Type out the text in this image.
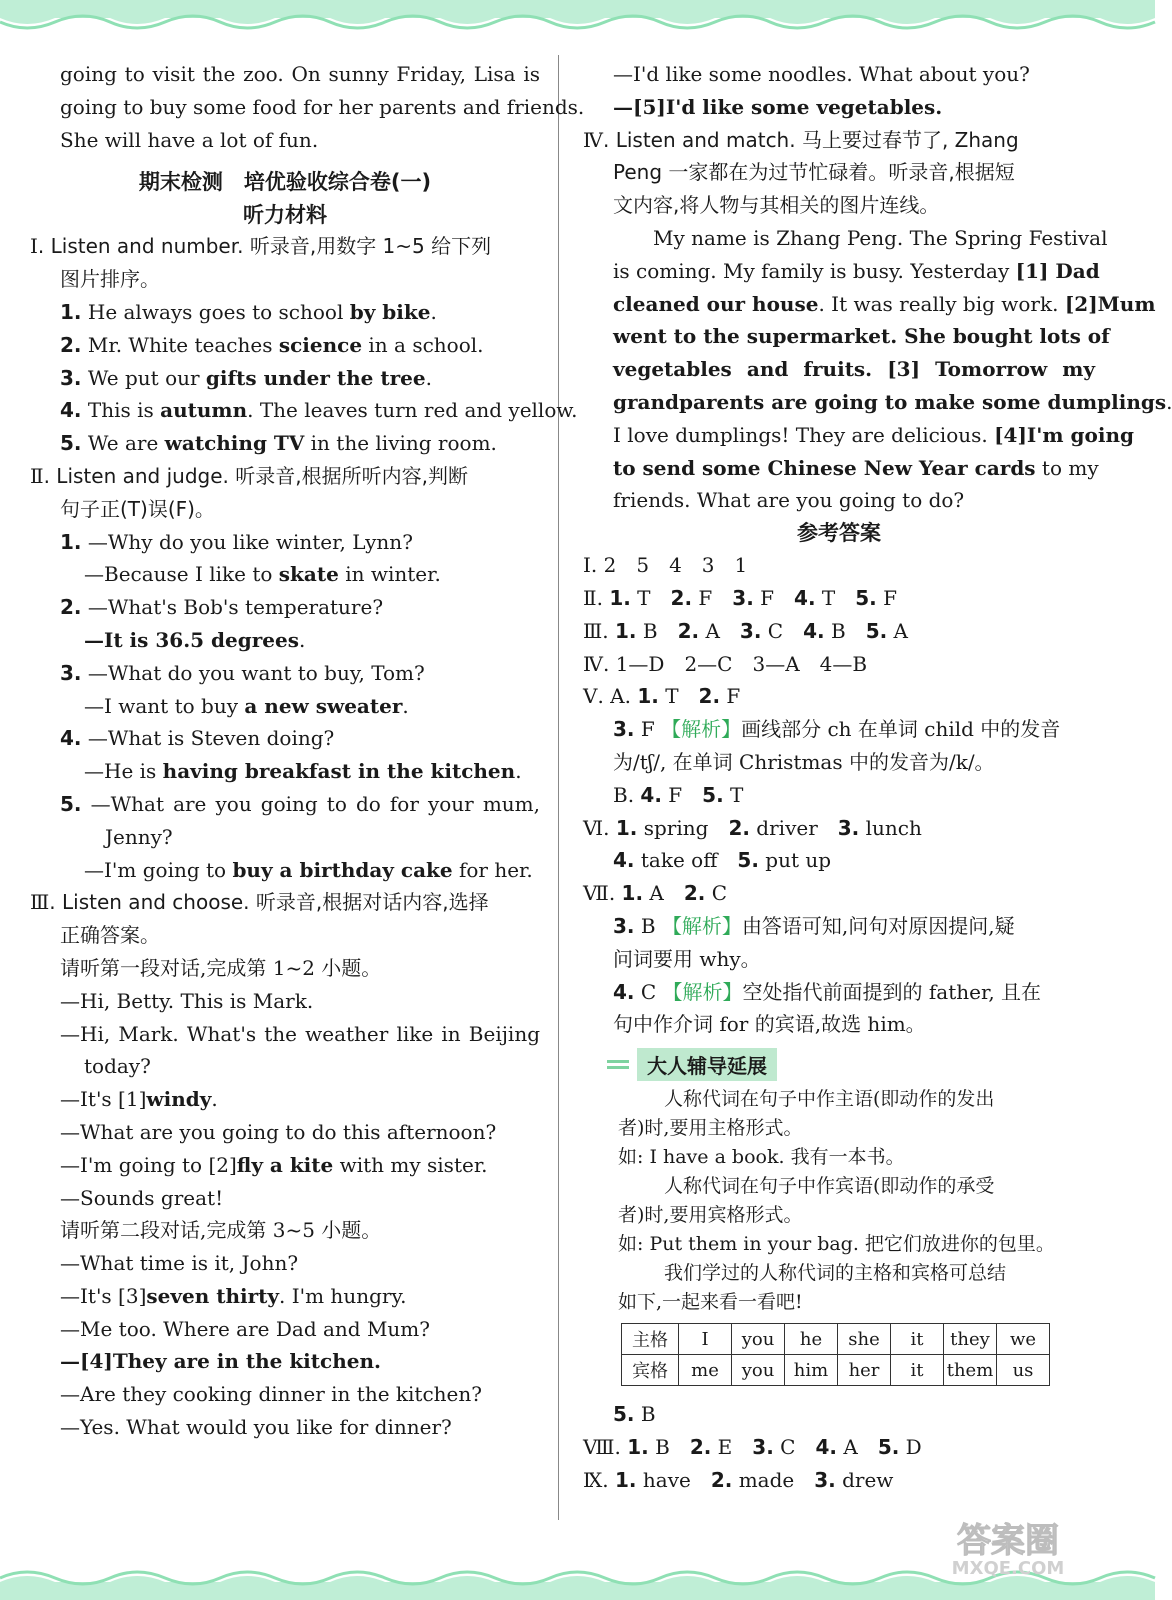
going to visit the zoo. On sunny Friday, Lisa is
going to buy some food for her parents and friends.
She will have a lot of fun.
期末检测　培优验收综合卷(一)
听力材料
Ⅰ. Listen and number. 听录音,用数字 1~5 给下列
图片排序。
1. He always goes to school by bike.
2. Mr. White teaches science in a school.
3. We put our gifts under the tree.
4. This is autumn. The leaves turn red and yellow.
5. We are watching TV in the living room.
Ⅱ. Listen and judge. 听录音,根据所听内容,判断
句子正(T)误(F)。
1. —Why do you like winter, Lynn?
—Because I like to skate in winter.
2. —What's Bob's temperature?
—It is 36.5 degrees.
3. —What do you want to buy, Tom?
—I want to buy a new sweater.
4. —What is Steven doing?
—He is having breakfast in the kitchen.
5. —What are you going to do for your mum,
Jenny?
—I'm going to buy a birthday cake for her.
Ⅲ. Listen and choose. 听录音,根据对话内容,选择
正确答案。
请听第一段对话,完成第 1~2 小题。
—Hi, Betty. This is Mark.
—Hi, Mark. What's the weather like in Beijing
today?
—It's [1]windy.
—What are you going to do this afternoon?
—I'm going to [2]fly a kite with my sister.
—Sounds great!
请听第二段对话,完成第 3~5 小题。
—What time is it, John?
—It's [3]seven thirty. I'm hungry.
—Me too. Where are Dad and Mum?
—[4]They are in the kitchen.
—Are they cooking dinner in the kitchen?
—Yes. What would you like for dinner?
—I'd like some noodles. What about you?
—[5]I'd like some vegetables.
Ⅳ. Listen and match. 马上要过春节了, Zhang
Peng 一家都在为过节忙碌着。听录音,根据短
文内容,将人物与其相关的图片连线。
My name is Zhang Peng. The Spring Festival
is coming. My family is busy. Yesterday [1] Dad
cleaned our house. It was really big work. [2]Mum
went to the supermarket. She bought lots of
vegetables and fruits. [3] Tomorrow my
grandparents are going to make some dumplings.
I love dumplings! They are delicious. [4]I'm going
to send some Chinese New Year cards to my
friends. What are you going to do?
参考答案
Ⅰ. 2　5　4　3　1
Ⅱ. 1. T　 2. F　 3. F　 4. T　 5. F
Ⅲ. 1. B　 2. A　 3. C　 4. B　 5. A
Ⅳ. 1—D　2—C　3—A　4—B
Ⅴ. A. 1. T　 2. F
3. F 【解析】画线部分 ch 在单词 child 中的发音
为/tʃ/, 在单词 Christmas 中的发音为/k/。
B. 4. F　 5. T
Ⅵ. 1. spring　 2. driver　 3. lunch
4. take off　 5. put up
Ⅶ. 1. A　 2. C
3. B 【解析】由答语可知,问句对原因提问,疑
问词要用 why。
4. C 【解析】空处指代前面提到的 father, 且在
句中作介词 for 的宾语,故选 him。
大人辅导延展
人称代词在句子中作主语(即动作的发出
者)时,要用主格形式。
如: I have a book. 我有一本书。
人称代词在句子中作宾语(即动作的承受
者)时,要用宾格形式。
如: Put them in your bag. 把它们放进你的包里。
我们学过的人称代词的主格和宾格可总结
如下,一起来看一看吧!
主格	I	you	he	she	it	they	we
宾格	me	you	him	her	it	them	us
5. B
Ⅷ. 1. B　 2. E　 3. C　 4. A　 5. D
Ⅸ. 1. have　 2. made　 3. drew
答案圈
MXQE.COM
